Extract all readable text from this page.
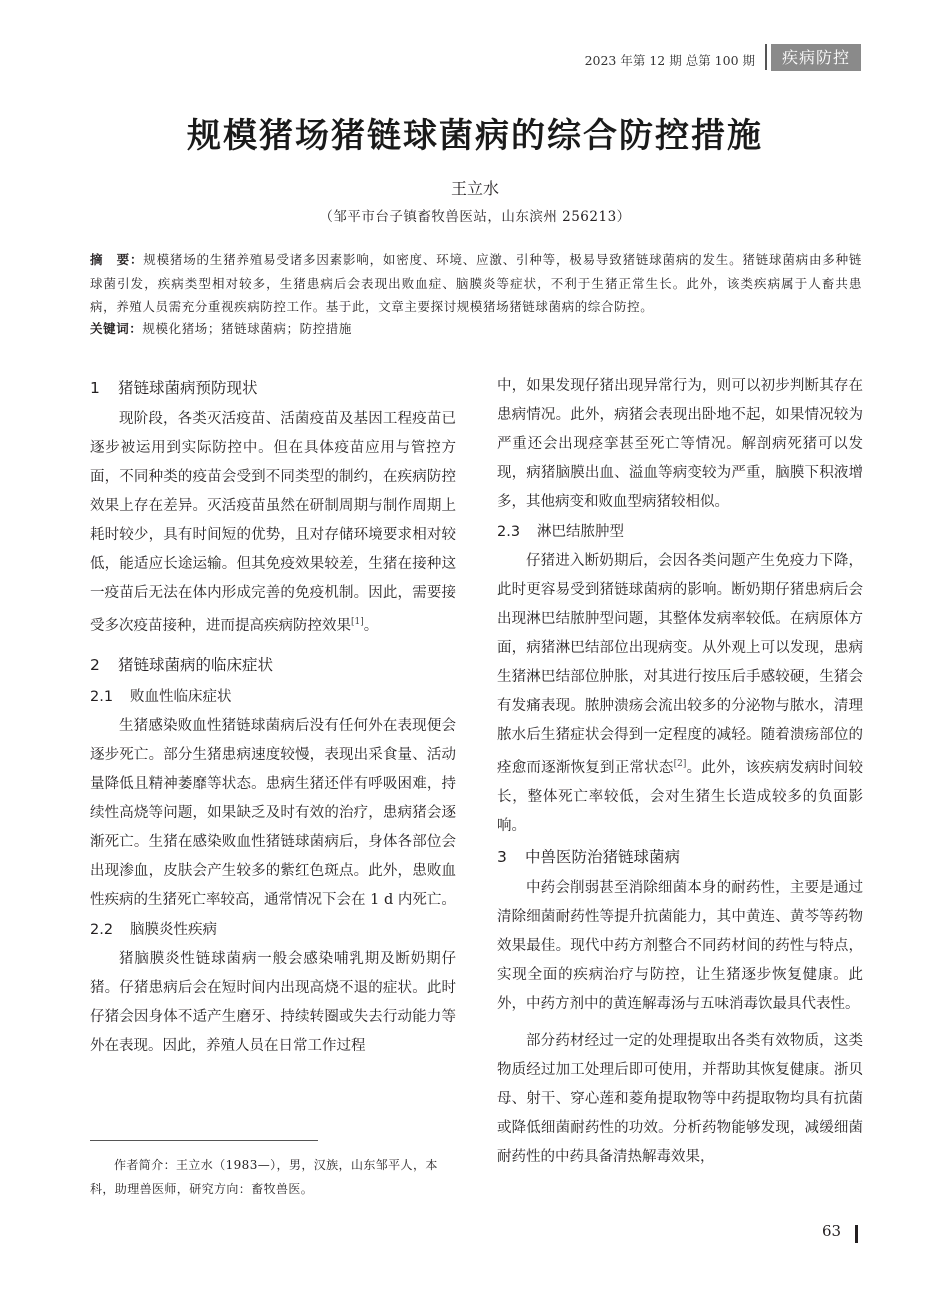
2023 年第 12 期 总第 100 期	疾病防控
规模猪场猪链球菌病的综合防控措施
王立水
（邹平市台子镇畜牧兽医站，山东滨州 256213）
摘　要：规模猪场的生猪养殖易受诸多因素影响，如密度、环境、应激、引种等，极易导致猪链球菌病的发生。猪链球菌病由多种链球菌引发，疾病类型相对较多，生猪患病后会表现出败血症、脑膜炎等症状，不利于生猪正常生长。此外，该类疾病属于人畜共患病，养殖人员需充分重视疾病防控工作。基于此，文章主要探讨规模猪场猪链球菌病的综合防控。
关键词：规模化猪场；猪链球菌病；防控措施
1 猪链球菌病预防现状

现阶段，各类灭活疫苗、活菌疫苗及基因工程疫苗已逐步被运用到实际防控中。但在具体疫苗应用与管控方面，不同种类的疫苗会受到不同类型的制约，在疾病防控效果上存在差异。灭活疫苗虽然在研制周期与制作周期上耗时较少，具有时间短的优势，且对存储环境要求相对较低，能适应长途运输。但其免疫效果较差，生猪在接种这一疫苗后无法在体内形成完善的免疫机制。因此，需要接受多次疫苗接种，进而提高疾病防控效果[1]。

2 猪链球菌病的临床症状
2.1 败血性临床症状

生猪感染败血性猪链球菌病后没有任何外在表现便会逐步死亡。部分生猪患病速度较慢，表现出采食量、活动量降低且精神萎靡等状态。患病生猪还伴有呼吸困难，持续性高烧等问题，如果缺乏及时有效的治疗，患病猪会逐渐死亡。生猪在感染败血性猪链球菌病后，身体各部位会出现渗血，皮肤会产生较多的紫红色斑点。此外，患败血性疾病的生猪死亡率较高，通常情况下会在 1 d 内死亡。

2.2 脑膜炎性疾病

猪脑膜炎性链球菌病一般会感染哺乳期及断奶期仔猪。仔猪患病后会在短时间内出现高烧不退的症状。此时仔猪会因身体不适产生磨牙、持续转圈或失去行动能力等外在表现。因此，养殖人员在日常工作过程

作者简介：王立水（1983—），男，汉族，山东邹平人，本科，助理兽医师，研究方向：畜牧兽医。

中，如果发现仔猪出现异常行为，则可以初步判断其存在患病情况。此外，病猪会表现出卧地不起，如果情况较为严重还会出现痉挛甚至死亡等情况。解剖病死猪可以发现，病猪脑膜出血、溢血等病变较为严重，脑膜下积液增多，其他病变和败血型病猪较相似。

2.3 淋巴结脓肿型

仔猪进入断奶期后，会因各类问题产生免疫力下降，此时更容易受到猪链球菌病的影响。断奶期仔猪患病后会出现淋巴结脓肿型问题，其整体发病率较低。在病原体方面，病猪淋巴结部位出现病变。从外观上可以发现，患病生猪淋巴结部位肿胀，对其进行按压后手感较硬，生猪会有发痛表现。脓肿溃疡会流出较多的分泌物与脓水，清理脓水后生猪症状会得到一定程度的减轻。随着溃疡部位的痊愈而逐渐恢复到正常状态[2]。此外，该疾病发病时间较长，整体死亡率较低，会对生猪生长造成较多的负面影响。

3 中兽医防治猪链球菌病

中药会削弱甚至消除细菌本身的耐药性，主要是通过清除细菌耐药性等提升抗菌能力，其中黄连、黄芩等药物效果最佳。现代中药方剂整合不同药材间的药性与特点，实现全面的疾病治疗与防控，让生猪逐步恢复健康。此外，中药方剂中的黄连解毒汤与五味消毒饮最具代表性。

部分药材经过一定的处理提取出各类有效物质，这类物质经过加工处理后即可使用，并帮助其恢复健康。浙贝母、射干、穿心莲和菱角提取物等中药提取物均具有抗菌或降低细菌耐药性的功效。分析药物能够发现，减缓细菌耐药性的中药具备清热解毒效果，

63
